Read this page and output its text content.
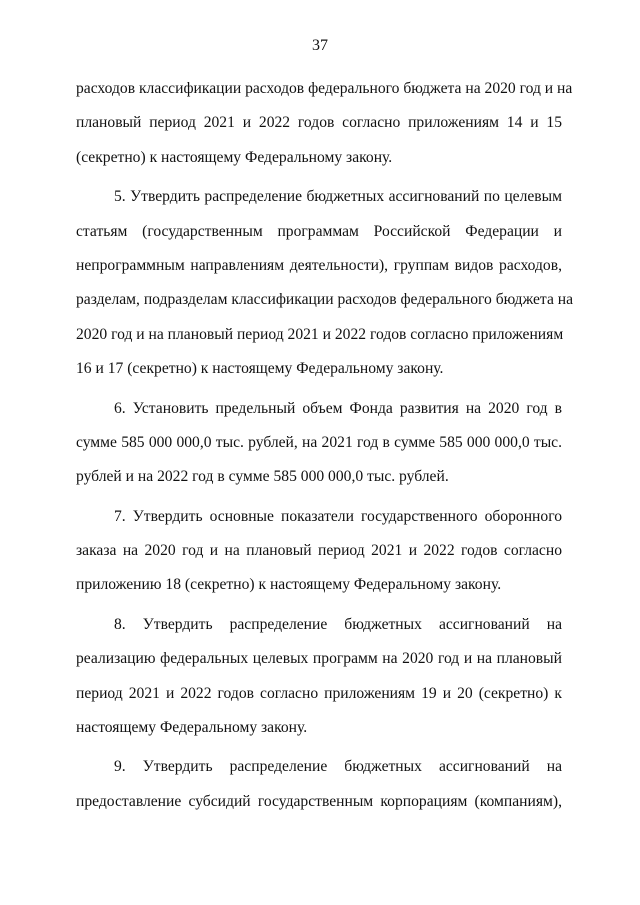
37
расходов классификации расходов федерального бюджета на 2020 год и на
плановый период 2021 и 2022 годов согласно приложениям 14 и 15
(секретно) к настоящему Федеральному закону.
5. Утвердить распределение бюджетных ассигнований по целевым
статьям (государственным программам Российской Федерации и
непрограммным направлениям деятельности), группам видов расходов,
разделам, подразделам классификации расходов федерального бюджета на
2020 год и на плановый период 2021 и 2022 годов согласно приложениям
16 и 17 (секретно) к настоящему Федеральному закону.
6. Установить предельный объем Фонда развития на 2020 год в
сумме 585 000 000,0 тыс. рублей, на 2021 год в сумме 585 000 000,0 тыс.
рублей и на 2022 год в сумме 585 000 000,0 тыс. рублей.
7. Утвердить основные показатели государственного оборонного
заказа на 2020 год и на плановый период 2021 и 2022 годов согласно
приложению 18 (секретно) к настоящему Федеральному закону.
8. Утвердить распределение бюджетных ассигнований на
реализацию федеральных целевых программ на 2020 год и на плановый
период 2021 и 2022 годов согласно приложениям 19 и 20 (секретно) к
настоящему Федеральному закону.
9. Утвердить распределение бюджетных ассигнований на
предоставление субсидий государственным корпорациям (компаниям),
